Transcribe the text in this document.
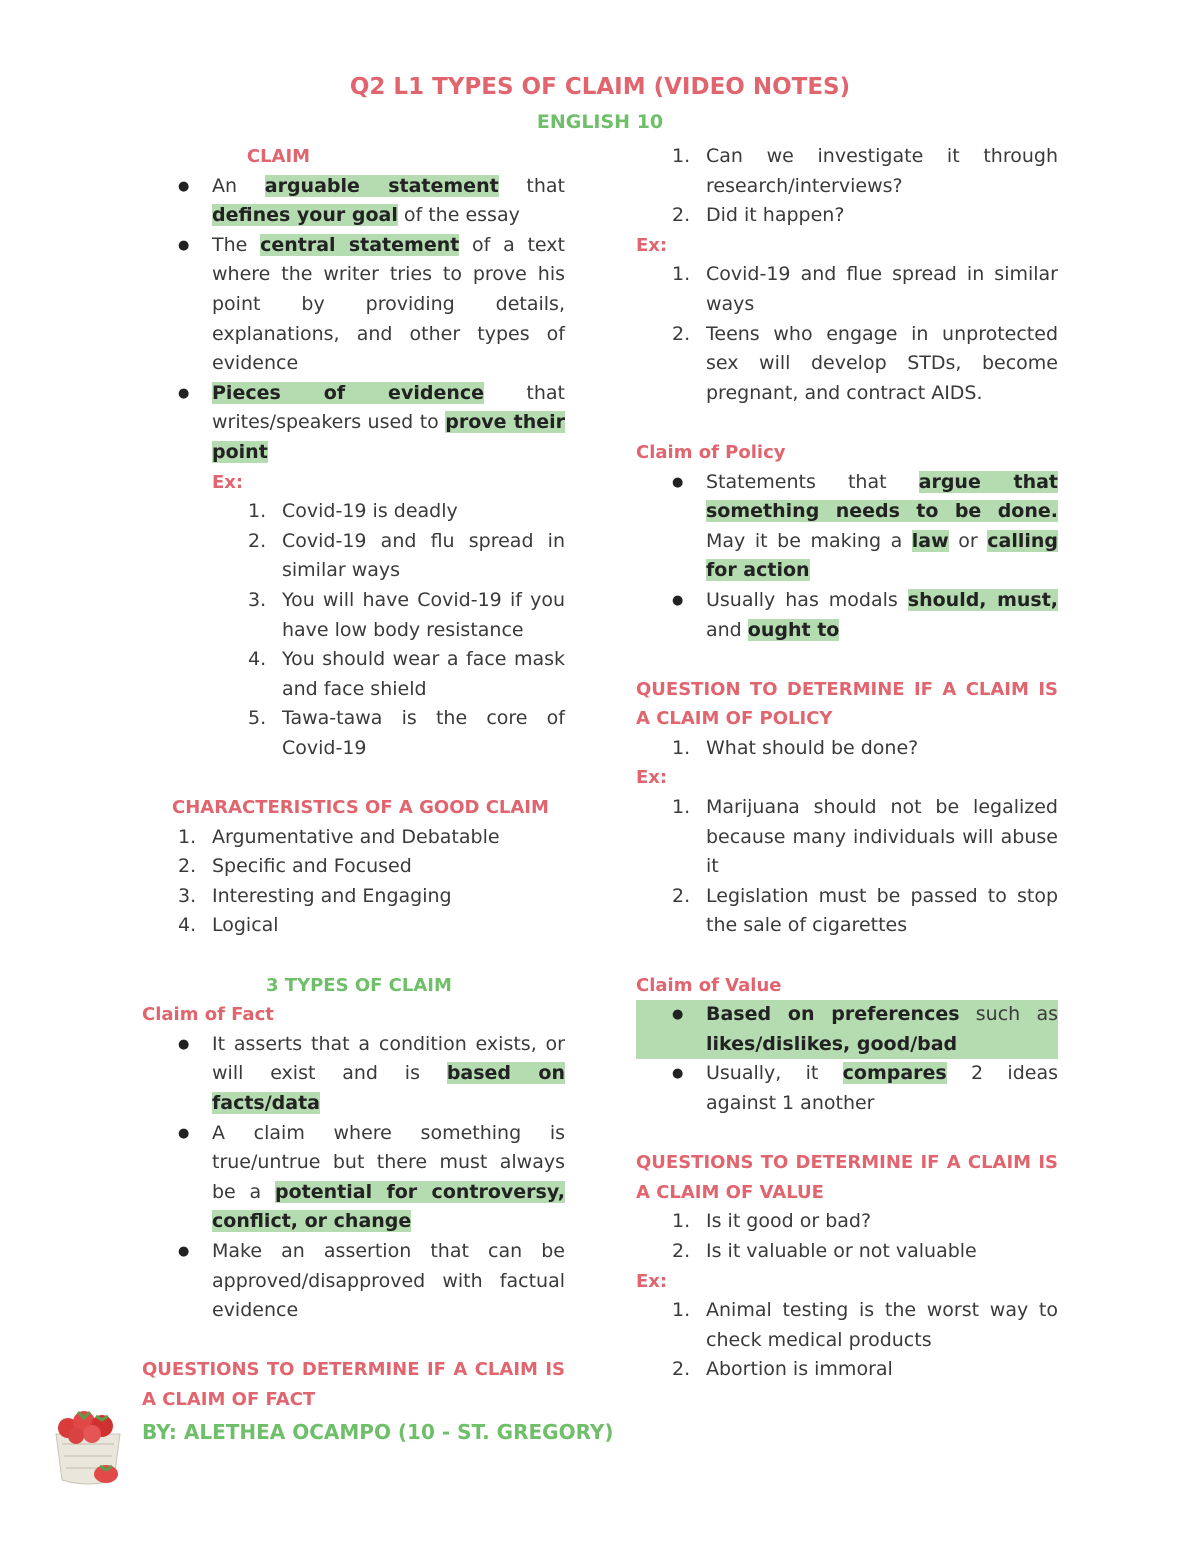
Q2 L1 TYPES OF CLAIM (VIDEO NOTES)
ENGLISH 10
CLAIM
● An arguable statement that defines your goal of the essay
● The central statement of a text where the writer tries to prove his point by providing details, explanations, and other types of evidence
● Pieces of evidence that writes/speakers used to prove their point
Ex:
1. Covid-19 is deadly
2. Covid-19 and flu spread in similar ways
3. You will have Covid-19 if you have low body resistance
4. You should wear a face mask and face shield
5. Tawa-tawa is the core of Covid-19
CHARACTERISTICS OF A GOOD CLAIM
1. Argumentative and Debatable
2. Specific and Focused
3. Interesting and Engaging
4. Logical
3 TYPES OF CLAIM
Claim of Fact
● It asserts that a condition exists, or will exist and is based on facts/data
● A claim where something is true/untrue but there must always be a potential for controversy, conflict, or change
● Make an assertion that can be approved/disapproved with factual evidence
QUESTIONS TO DETERMINE IF A CLAIM IS A CLAIM OF FACT
BY: ALETHEA OCAMPO (10 - ST. GREGORY)
1. Can we investigate it through research/interviews?
2. Did it happen?
Ex:
1. Covid-19 and flue spread in similar ways
2. Teens who engage in unprotected sex will develop STDs, become pregnant, and contract AIDS.
Claim of Policy
● Statements that argue that something needs to be done. May it be making a law or calling for action
● Usually has modals should, must, and ought to
QUESTION TO DETERMINE IF A CLAIM IS A CLAIM OF POLICY
1. What should be done?
Ex:
1. Marijuana should not be legalized because many individuals will abuse it
2. Legislation must be passed to stop the sale of cigarettes
Claim of Value
● Based on preferences such as likes/dislikes, good/bad
● Usually, it compares 2 ideas against 1 another
QUESTIONS TO DETERMINE IF A CLAIM IS A CLAIM OF VALUE
1. Is it good or bad?
2. Is it valuable or not valuable
Ex:
1. Animal testing is the worst way to check medical products
2. Abortion is immoral
